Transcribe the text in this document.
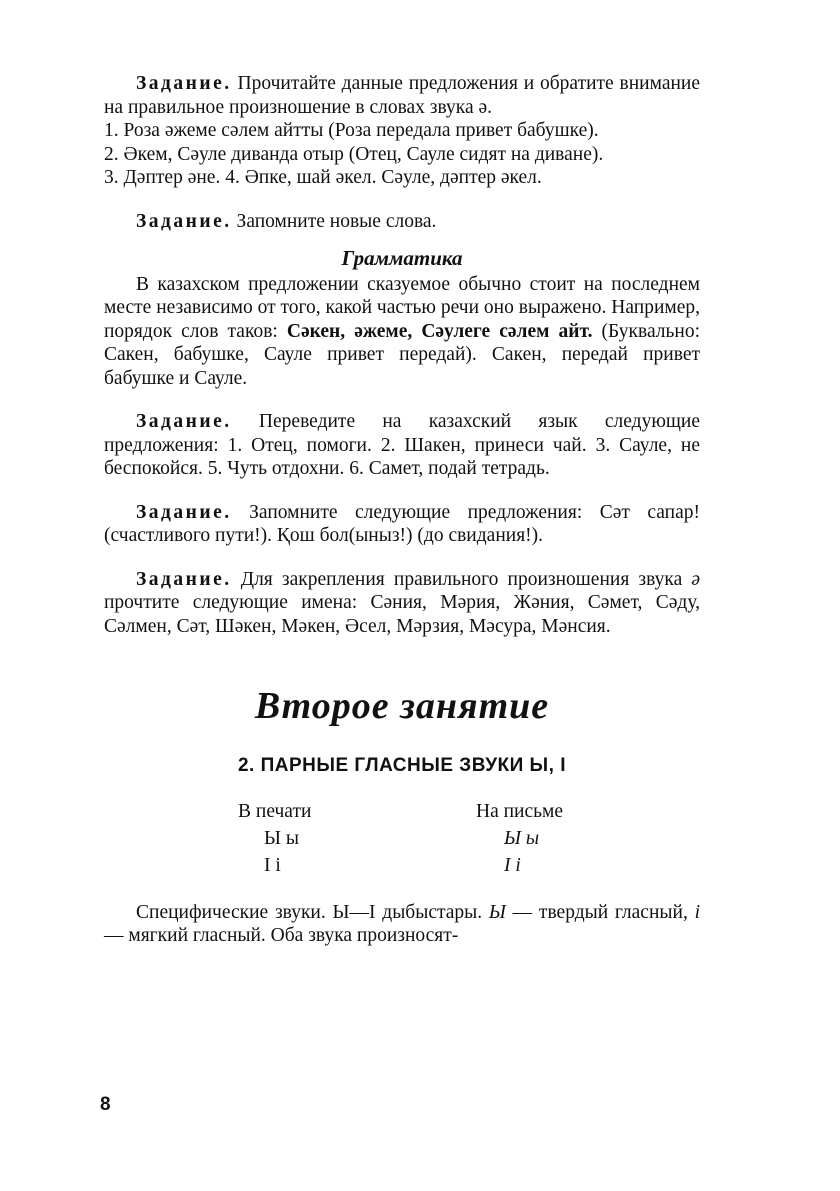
Задание. Прочитайте данные предложения и обратите внимание на правильное произношение в словах звука ә.

1. Роза әжеме сәлем айтты (Роза передала привет бабушке).

2. Әкем, Сәуле диванда отыр (Отец, Сауле сидят на диване).

3. Дәптер әне. 4. Әпке, шай әкел. Сәуле, дәптер әкел.

Задание. Запомните новые слова.

Грамматика

В казахском предложении сказуемое обычно стоит на последнем месте независимо от того, какой частью речи оно выражено. Например, порядок слов таков: Сәкен, әжеме, Сәулеге сәлем айт. (Буквально: Сакен, бабушке, Сауле привет передай). Сакен, передай привет бабушке и Сауле.

Задание. Переведите на казахский язык следующие предложения: 1. Отец, помоги. 2. Шакен, принеси чай. 3. Сауле, не беспокойся. 5. Чуть отдохни. 6. Самет, подай тетрадь.

Задание. Запомните следующие предложения: Сәт сапар! (счастливого пути!). Қош бол(ыныз!) (до свидания!).

Задание. Для закрепления правильного произношения звука ә прочтите следующие имена: Сәния, Мәрия, Жәния, Сәмет, Сәду, Сәлмен, Сәт, Шәкен, Мәкен, Әсел, Мәрзия, Мәсура, Мәнсия.

Второе занятие

2. ПАРНЫЕ ГЛАСНЫЕ ЗВУКИ Ы, І

В печати	На письме
Ы ы	Ы ы
І і	І і

Специфические звуки. Ы—І дыбыстары. Ы — твердый гласный, і — мягкий гласный. Оба звука произносят-

8
